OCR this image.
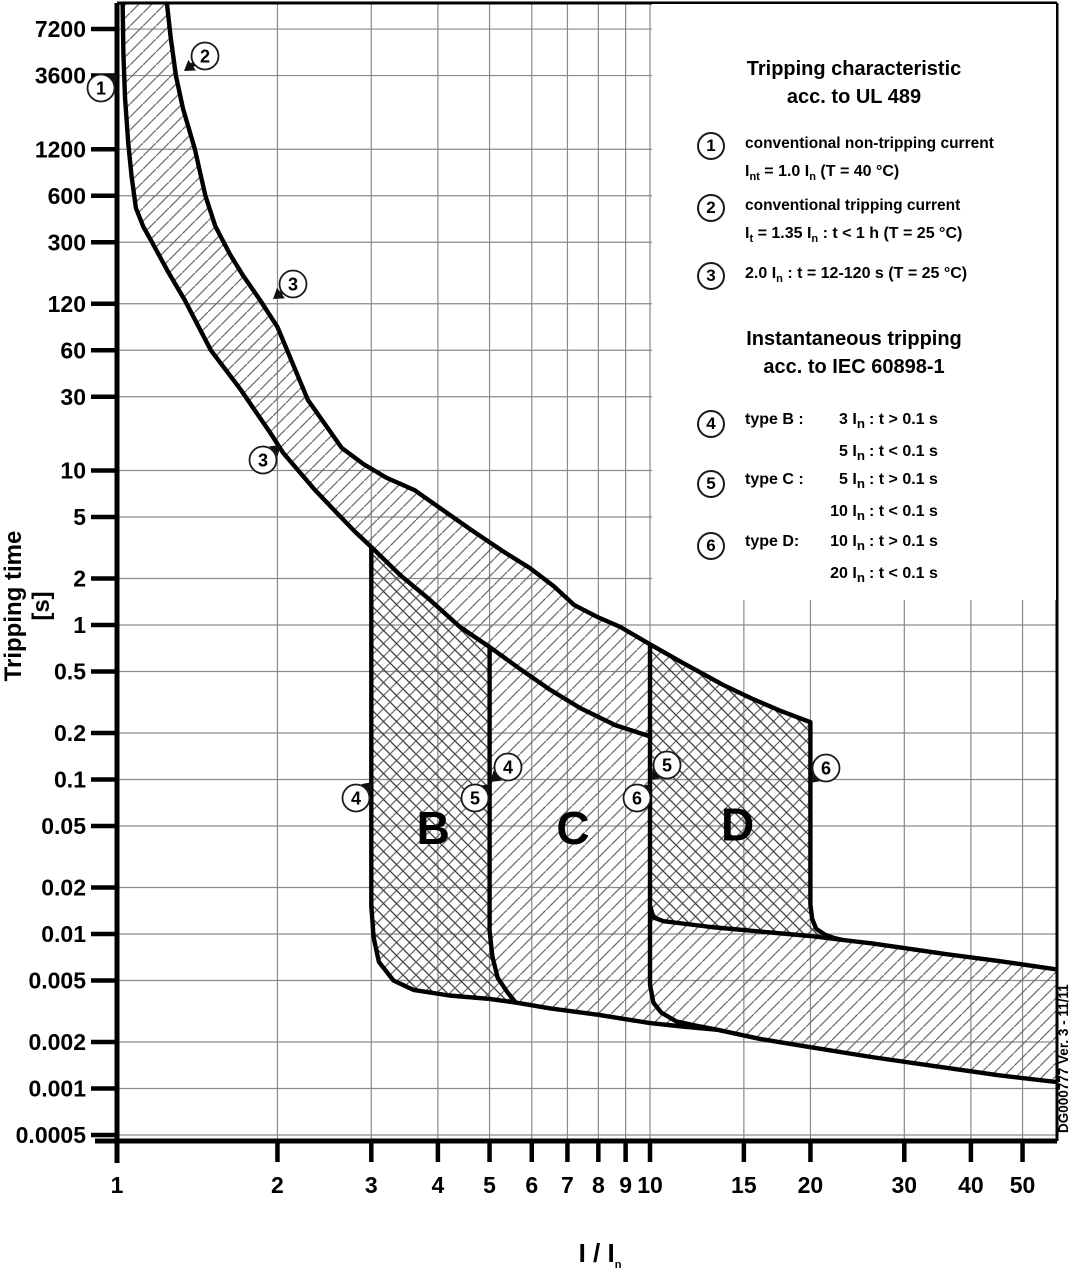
7200
3600
1200
600
300
120
60
30
10
5
2
1
0.5
0.2
0.1
0.05
0.02
0.01
0.005
0.002
0.001
0.0005
1	2	3 4 5 6 7 8 9 10	15 20	30 40 50
B C	D
1
2
3
3
4
4
5
5
6
6
DG000777 Ver. 3 - 11/11
Tripping characteristic
acc. to UL 489
1	conventional non-tripping current
$I_{nt} = 1.0$ $I_n$ (T = 40 °C)
2	conventional tripping current
$I_t = 1.35$ $I_n$ : t < 1 h (T = 25 °C)
3	2.0 $I_n$ : t = 12-120 s (T = 25 °C)
Instantaneous tripping
acc. to IEC 60898-1
4	type B :	3 $I_n$ : t > 0.1 s
5 $I_n$ : t < 0.1 s
5	type C :	5 $I_n$ : t > 0.1 s
10 $I_n$ : t < 0.1 s
6	type D:	10 $I_n$ : t > 0.1 s
20 $I_n$ : t < 0.1 s
Tripping time [s]
I / $I_n$
